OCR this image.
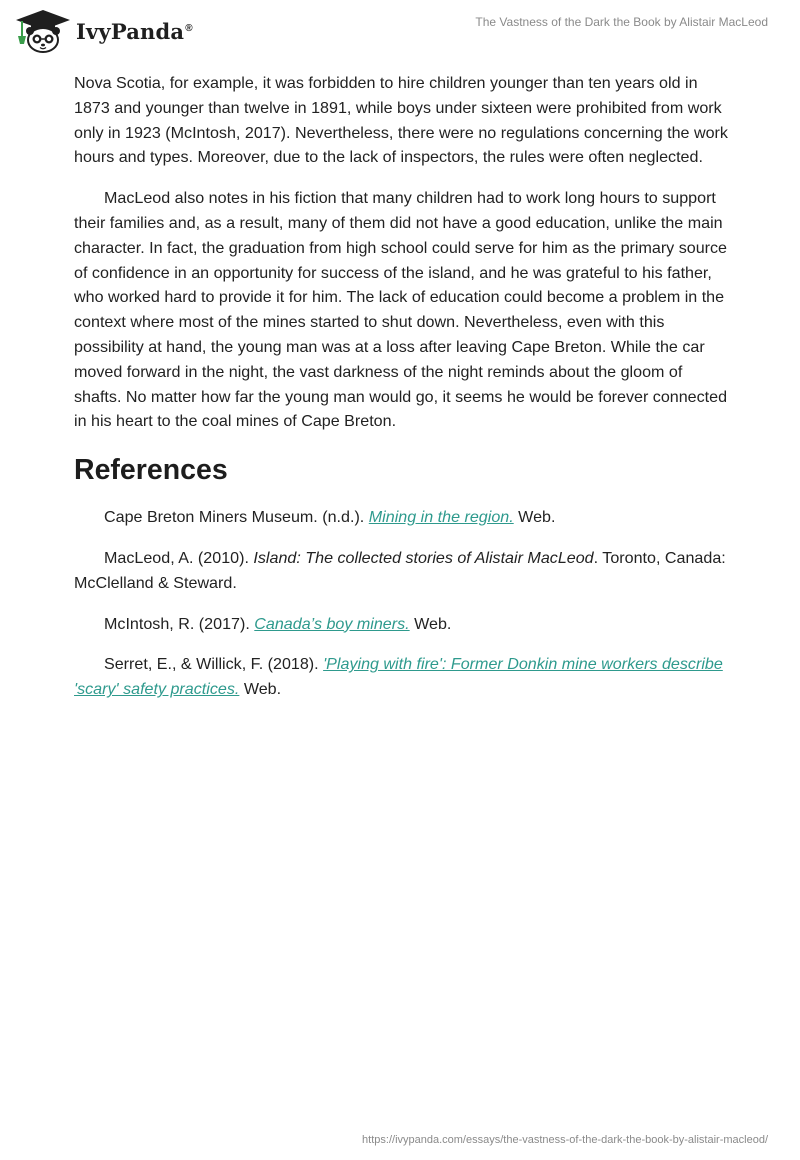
IvyPanda®	The Vastness of the Dark the Book by Alistair MacLeod

Nova Scotia, for example, it was forbidden to hire children younger than ten years old in 1873 and younger than twelve in 1891, while boys under sixteen were prohibited from work only in 1923 (McIntosh, 2017). Nevertheless, there were no regulations concerning the work hours and types. Moreover, due to the lack of inspectors, the rules were often neglected.

MacLeod also notes in his fiction that many children had to work long hours to support their families and, as a result, many of them did not have a good education, unlike the main character. In fact, the graduation from high school could serve for him as the primary source of confidence in an opportunity for success of the island, and he was grateful to his father, who worked hard to provide it for him. The lack of education could become a problem in the context where most of the mines started to shut down. Nevertheless, even with this possibility at hand, the young man was at a loss after leaving Cape Breton. While the car moved forward in the night, the vast darkness of the night reminds about the gloom of shafts. No matter how far the young man would go, it seems he would be forever connected in his heart to the coal mines of Cape Breton.

References

Cape Breton Miners Museum. (n.d.). Mining in the region. Web.

MacLeod, A. (2010). Island: The collected stories of Alistair MacLeod. Toronto, Canada: McClelland & Steward.

McIntosh, R. (2017). Canada’s boy miners. Web.

Serret, E., & Willick, F. (2018). 'Playing with fire': Former Donkin mine workers describe 'scary' safety practices. Web.

https://ivypanda.com/essays/the-vastness-of-the-dark-the-book-by-alistair-macleod/
